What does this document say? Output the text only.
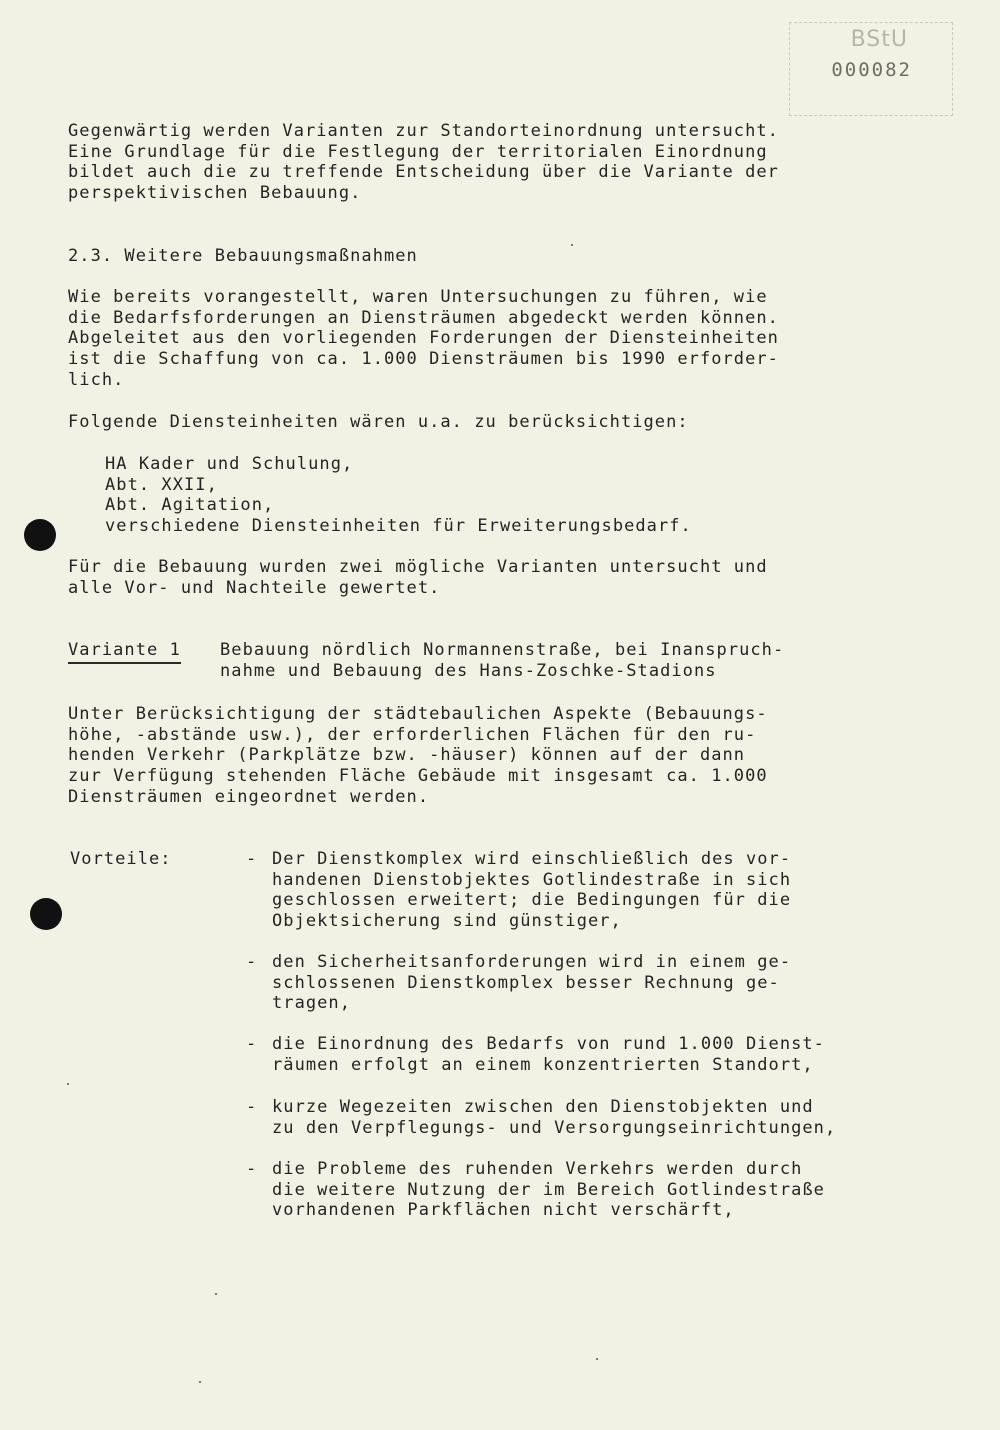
BStU
000082
Gegenwärtig werden Varianten zur Standorteinordnung untersucht.
Eine Grundlage für die Festlegung der territorialen Einordnung
bildet auch die zu treffende Entscheidung über die Variante der
perspektivischen Bebauung.
2.3. Weitere Bebauungsmaßnahmen
Wie bereits vorangestellt, waren Untersuchungen zu führen, wie
die Bedarfsforderungen an Diensträumen abgedeckt werden können.
Abgeleitet aus den vorliegenden Forderungen der Diensteinheiten
ist die Schaffung von ca. 1.000 Diensträumen bis 1990 erforder-
lich.
Folgende Diensteinheiten wären u.a. zu berücksichtigen:
HA Kader und Schulung,
Abt. XXII,
Abt. Agitation,
verschiedene Diensteinheiten für Erweiterungsbedarf.
Für die Bebauung wurden zwei mögliche Varianten untersucht und
alle Vor- und Nachteile gewertet.
Variante 1 Bebauung nördlich Normannenstraße, bei Inanspruch-
nahme und Bebauung des Hans-Zoschke-Stadions
Unter Berücksichtigung der städtebaulichen Aspekte (Bebauungs-
höhe, -abstände usw.), der erforderlichen Flächen für den ru-
henden Verkehr (Parkplätze bzw. -häuser) können auf der dann
zur Verfügung stehenden Fläche Gebäude mit insgesamt ca. 1.000
Diensträumen eingeordnet werden.
Vorteile:	- Der Dienstkomplex wird einschließlich des vor-
handenen Dienstobjektes Gotlindestraße in sich
geschlossen erweitert; die Bedingungen für die
Objektsicherung sind günstiger,
- den Sicherheitsanforderungen wird in einem ge-
schlossenen Dienstkomplex besser Rechnung ge-
tragen,
- die Einordnung des Bedarfs von rund 1.000 Dienst-
räumen erfolgt an einem konzentrierten Standort,
- kurze Wegezeiten zwischen den Dienstobjekten und
zu den Verpflegungs- und Versorgungseinrichtungen,
- die Probleme des ruhenden Verkehrs werden durch
die weitere Nutzung der im Bereich Gotlindestraße
vorhandenen Parkflächen nicht verschärft,
